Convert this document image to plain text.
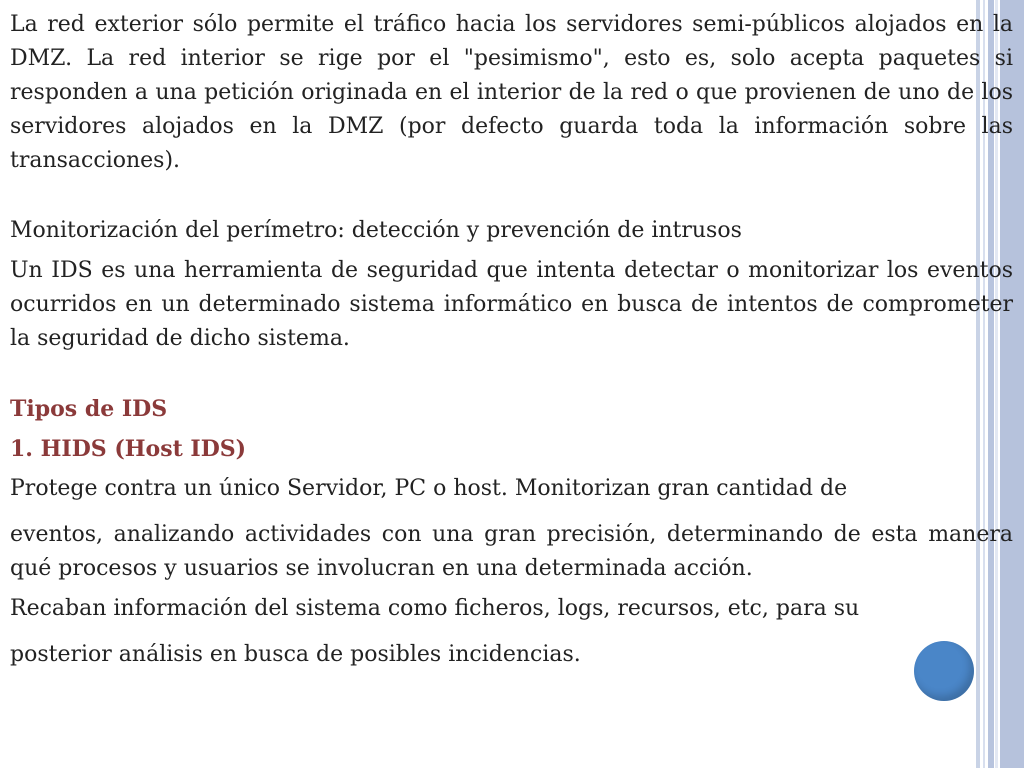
La red exterior sólo permite el tráfico hacia los servidores semi-públicos alojados en la DMZ. La red interior se rige por el "pesimismo", esto es, solo acepta paquetes si responden a una petición originada en el interior de la red o que provienen de uno de los servidores alojados en la DMZ (por defecto guarda toda la información sobre las transacciones).

Monitorización del perímetro: detección y prevención de intrusos

Un IDS es una herramienta de seguridad que intenta detectar o monitorizar los eventos ocurridos en un determinado sistema informático en busca de intentos de comprometer la seguridad de dicho sistema.

Tipos de IDS

1. HIDS (Host IDS)

Protege contra un único Servidor, PC o host. Monitorizan gran cantidad de

eventos, analizando actividades con una gran precisión, determinando de esta manera qué procesos y usuarios se involucran en una determinada acción.

Recaban información del sistema como ficheros, logs, recursos, etc, para su

posterior análisis en busca de posibles incidencias.
